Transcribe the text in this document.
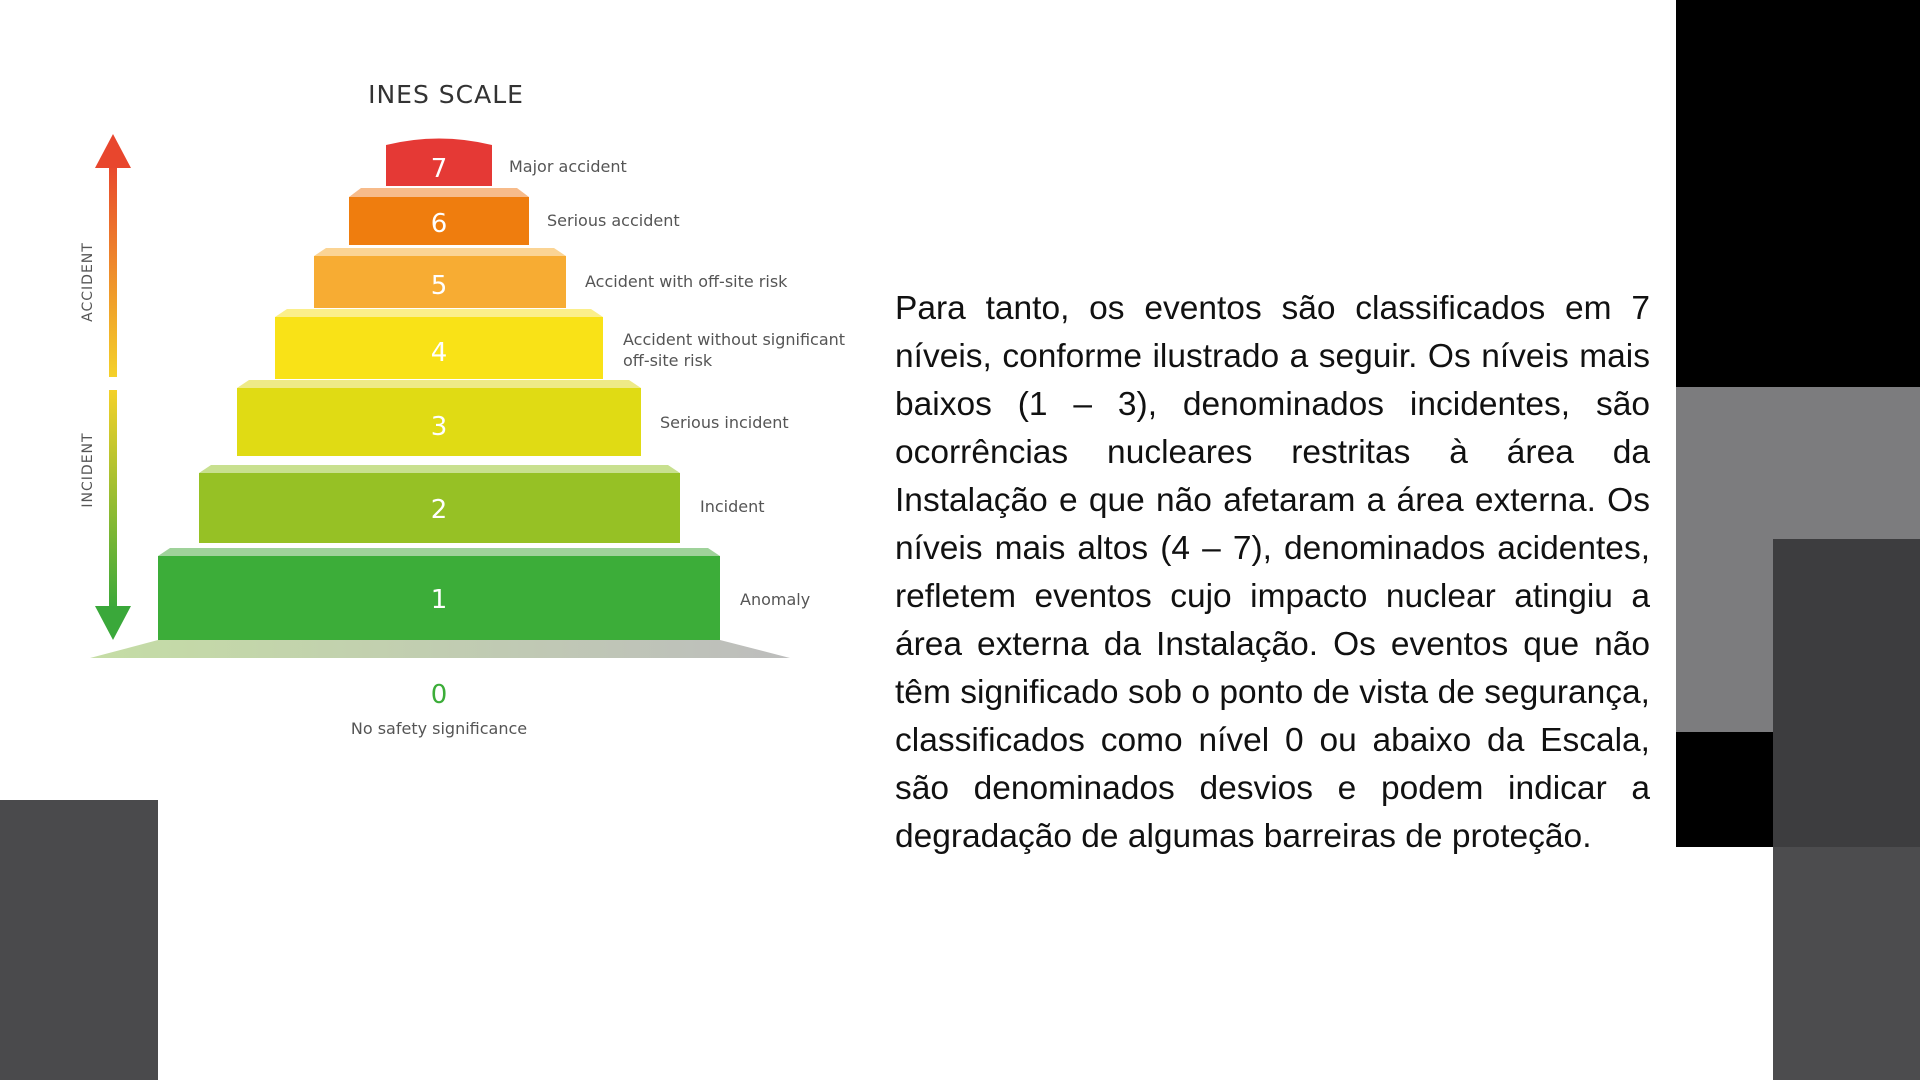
INES SCALE
ACCIDENT
INCIDENT
1	Anomaly
2	Incident
3	Serious incident
4	Accident without significant
off-site risk
5	Accident with off-site risk
6	Serious accident
7	Major accident
0
No safety significance

Para tanto, os eventos são classificados em 7 níveis, conforme ilustrado a seguir. Os níveis mais baixos (1 – 3), denominados incidentes, são ocorrências nucleares restritas à área da Instalação e que não afetaram a área externa. Os níveis mais altos (4 – 7), denominados acidentes, refletem eventos cujo impacto nuclear atingiu a área externa da Instalação. Os eventos que não têm significado sob o ponto de vista de segurança, classificados como nível 0 ou abaixo da Escala, são denominados desvios e podem indicar a degradação de algumas barreiras de proteção.
